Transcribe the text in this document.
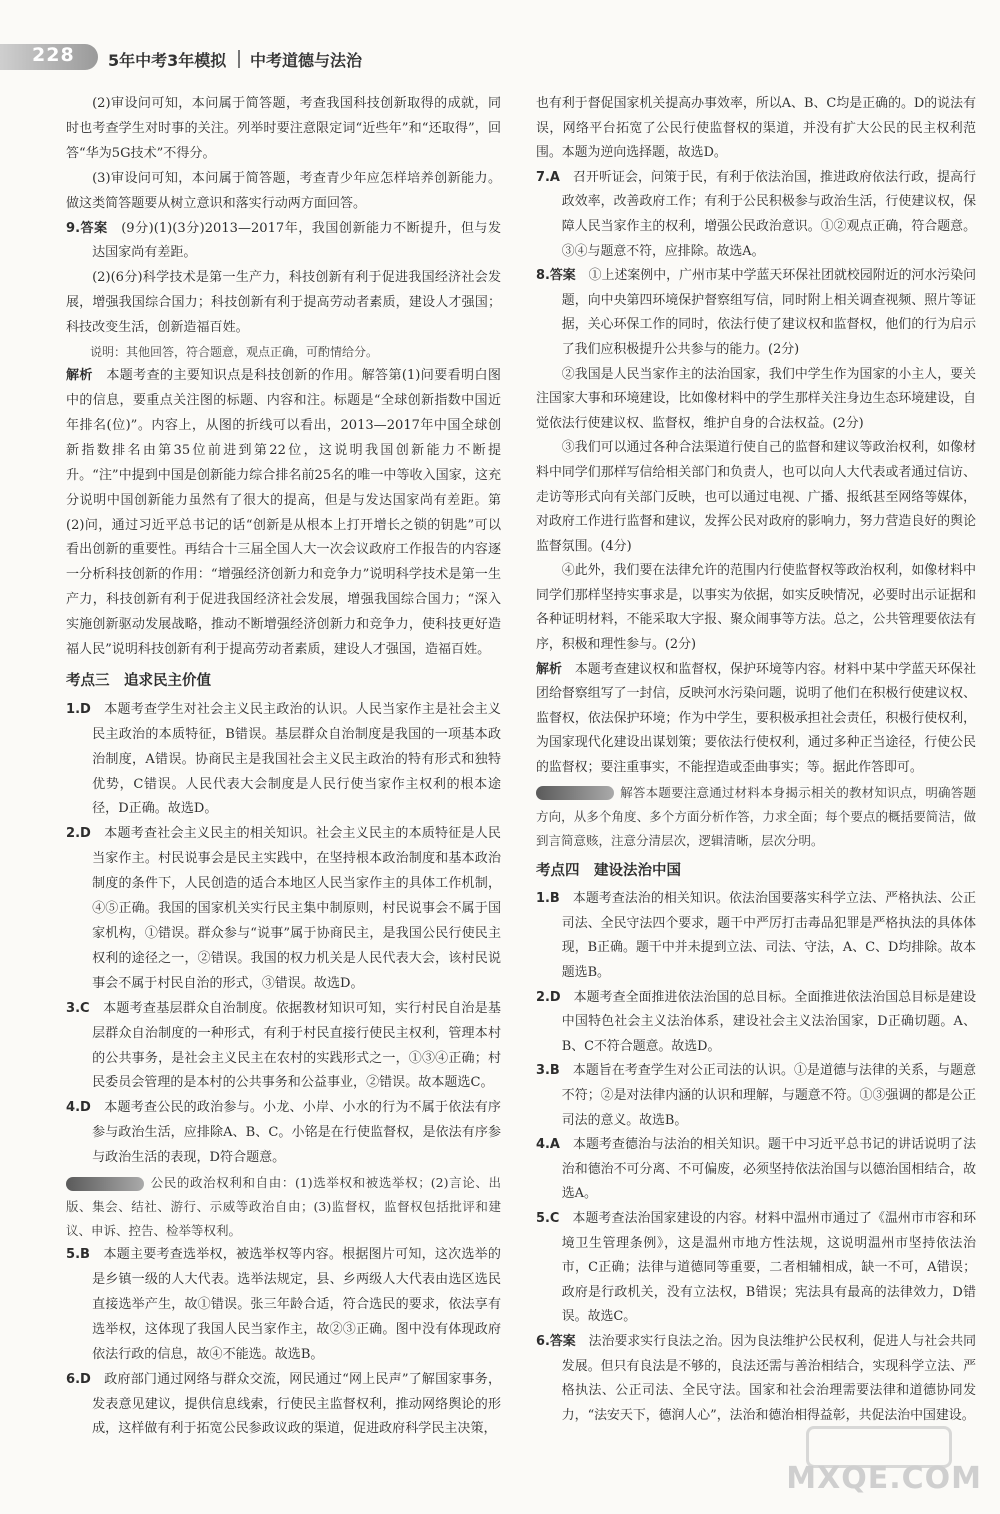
228 5年中考3年模拟 中考道德与法治

(2)审设问可知，本问属于简答题，考查我国科技创新取得的成就，同时也考查学生对时事的关注。列举时要注意限定词“近些年”和“还取得”，回答“华为5G技术”不得分。

(3)审设问可知，本问属于简答题，考查青少年应怎样培养创新能力。做这类简答题要从树立意识和落实行动两方面回答。

9.答案　 (9分)(1)(3分)2013—2017年，我国创新能力不断提升，但与发达国家尚有差距。

(2)(6分)科学技术是第一生产力，科技创新有利于促进我国经济社会发展，增强我国综合国力；科技创新有利于提高劳动者素质，建设人才强国；科技改变生活，创新造福百姓。

说明：其他回答，符合题意，观点正确，可酌情给分。

解析　 本题考查的主要知识点是科技创新的作用。解答第(1)问要看明白图中的信息，要重点关注图的标题、内容和注。标题是“全球创新指数中国近年排名(位)”。内容上，从图的折线可以看出，2013—2017年中国全球创新指数排名由第35位前进到第22位，这说明我国创新能力不断提升。“注”中提到中国是创新能力综合排名前25名的唯一中等收入国家，这充分说明中国创新能力虽然有了很大的提高，但是与发达国家尚有差距。第(2)问，通过习近平总书记的话“创新是从根本上打开增长之锁的钥匙”可以看出创新的重要性。再结合十三届全国人大一次会议政府工作报告的内容逐一分析科技创新的作用：“增强经济创新力和竞争力”说明科学技术是第一生产力，科技创新有利于促进我国经济社会发展，增强我国综合国力；“深入实施创新驱动发展战略，推动不断增强经济创新力和竞争力，使科技更好造福人民”说明科技创新有利于提高劳动者素质，建设人才强国，造福百姓。

考点三　追求民主价值

1.D　 本题考查学生对社会主义民主政治的认识。人民当家作主是社会主义民主政治的本质特征，B错误。基层群众自治制度是我国的一项基本政治制度，A错误。协商民主是我国社会主义民主政治的特有形式和独特优势，C错误。人民代表大会制度是人民行使当家作主权利的根本途径，D正确。故选D。

2.D　 本题考查社会主义民主的相关知识。社会主义民主的本质特征是人民当家作主。村民说事会是民主实践中，在坚持根本政治制度和基本政治制度的条件下，人民创造的适合本地区人民当家作主的具体工作机制，④⑤正确。我国的国家机关实行民主集中制原则，村民说事会不属于国家机构，①错误。群众参与“说事”属于协商民主，是我国公民行使民主权利的途径之一，②错误。我国的权力机关是人民代表大会，该村民说事会不属于村民自治的形式，③错误。故选D。

3.C　 本题考查基层群众自治制度。依据教材知识可知，实行村民自治是基层群众自治制度的一种形式，有利于村民直接行使民主权利，管理本村的公共事务，是社会主义民主在农村的实践形式之一，①③④正确；村民委员会管理的是本村的公共事务和公益事业，②错误。故本题选C。

4.D　 本题考查公民的政治参与。小龙、小岸、小水的行为不属于依法有序参与政治生活，应排除A、B、C。小铭是在行使监督权，是依法有序参与政治生活的表现，D符合题意。

公民的政治权利和自由：(1)选举权和被选举权；(2)言论、出版、集会、结社、游行、示威等政治自由；(3)监督权，监督权包括批评和建议、申诉、控告、检举等权利。

5.B　 本题主要考查选举权，被选举权等内容。根据图片可知，这次选举的是乡镇一级的人大代表。选举法规定，县、乡两级人大代表由选区选民直接选举产生，故①错误。张三年龄合适，符合选民的要求，依法享有选举权，这体现了我国人民当家作主，故②③正确。图中没有体现政府依法行政的信息，故④不能选。故选B。

6.D　 政府部门通过网络与群众交流，网民通过“网上民声”了解国家事务，发表意见建议，提供信息线索，行使民主监督权利，推动网络舆论的形成，这样做有利于拓宽公民参政议政的渠道，促进政府科学民主决策，

也有利于督促国家机关提高办事效率，所以A、B、C均是正确的。D的说法有误，网络平台拓宽了公民行使监督权的渠道，并没有扩大公民的民主权利范围。本题为逆向选择题，故选D。

7.A　 召开听证会，问策于民，有利于依法治国，推进政府依法行政，提高行政效率，改善政府工作；有利于公民积极参与政治生活，行使建议权，保障人民当家作主的权利，增强公民政治意识。①②观点正确，符合题意。③④与题意不符，应排除。故选A。

8.答案　 ①上述案例中，广州市某中学蓝天环保社团就校园附近的河水污染问题，向中央第四环境保护督察组写信，同时附上相关调查视频、照片等证据，关心环保工作的同时，依法行使了建议权和监督权，他们的行为启示了我们应积极提升公共参与的能力。(2分)

②我国是人民当家作主的法治国家，我们中学生作为国家的小主人，要关注国家大事和环境建设，比如像材料中的学生那样关注身边生态环境建设，自觉依法行使建议权、监督权，维护自身的合法权益。(2分)

③我们可以通过各种合法渠道行使自己的监督和建议等政治权利，如像材料中同学们那样写信给相关部门和负责人，也可以向人大代表或者通过信访、走访等形式向有关部门反映，也可以通过电视、广播、报纸甚至网络等媒体，对政府工作进行监督和建议，发挥公民对政府的影响力，努力营造良好的舆论监督氛围。(4分)

④此外，我们要在法律允许的范围内行使监督权等政治权利，如像材料中同学们那样坚持实事求是，以事实为依据，如实反映情况，必要时出示证据和各种证明材料，不能采取大字报、聚众闹事等方法。总之，公共管理要依法有序，积极和理性参与。(2分)

解析　 本题考查建议权和监督权，保护环境等内容。材料中某中学蓝天环保社团给督察组写了一封信，反映河水污染问题，说明了他们在积极行使建议权、监督权，依法保护环境；作为中学生，要积极承担社会责任，积极行使权利，为国家现代化建设出谋划策；要依法行使权利，通过多种正当途径，行使公民的监督权；要注重事实，不能捏造或歪曲事实；等。据此作答即可。

解答本题要注意通过材料本身揭示相关的教材知识点，明确答题方向，从多个角度、多个方面分析作答，力求全面；每个要点的概括要简洁，做到言简意赅，注意分清层次，逻辑清晰，层次分明。

考点四　建设法治中国

1.B　 本题考查法治的相关知识。依法治国要落实科学立法、严格执法、公正司法、全民守法四个要求，题干中严厉打击毒品犯罪是严格执法的具体体现，B正确。题干中并未提到立法、司法、守法，A、C、D均排除。故本题选B。

2.D　 本题考查全面推进依法治国的总目标。全面推进依法治国总目标是建设中国特色社会主义法治体系，建设社会主义法治国家，D正确切题。A、B、C不符合题意。故选D。

3.B　 本题旨在考查学生对公正司法的认识。①是道德与法律的关系，与题意不符；②是对法律内涵的认识和理解，与题意不符。①③强调的都是公正司法的意义。故选B。

4.A　 本题考查德治与法治的相关知识。题干中习近平总书记的讲话说明了法治和德治不可分离、不可偏废，必须坚持依法治国与以德治国相结合，故选A。

5.C　 本题考查法治国家建设的内容。材料中温州市通过了《温州市市容和环境卫生管理条例》，这是温州市地方性法规，这说明温州市坚持依法治市，C正确；法律与道德同等重要，二者相辅相成，缺一不可，A错误；政府是行政机关，没有立法权，B错误；宪法具有最高的法律效力，D错误。故选C。

6.答案　 法治要求实行良法之治。因为良法维护公民权利，促进人与社会共同发展。但只有良法是不够的，良法还需与善治相结合，实现科学立法、严格执法、公正司法、全民守法。国家和社会治理需要法律和道德协同发力，“法安天下，德润人心”，法治和德治相得益彰，共促法治中国建设。

MXQE.COM
